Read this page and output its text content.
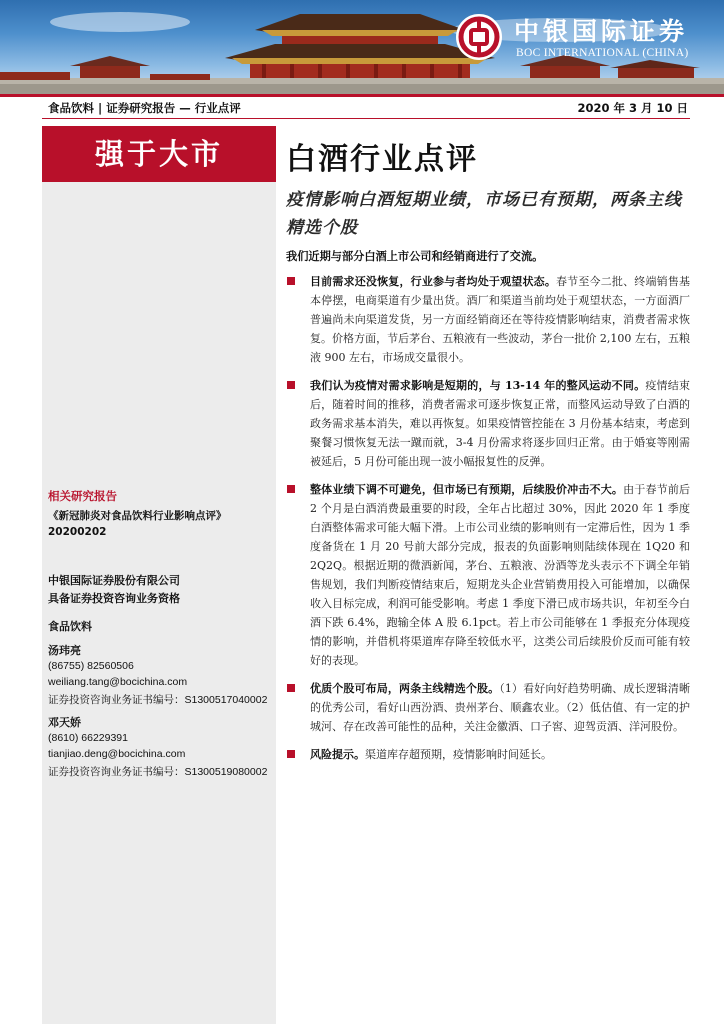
中银国际证券
BOC INTERNATIONAL (CHINA)
食品饮料 | 证券研究报告 — 行业点评	2020 年 3 月 10 日
强于大市
相关研究报告
《新冠肺炎对食品饮料行业影响点评》
20200202
中银国际证券股份有限公司
具备证券投资咨询业务资格
食品饮料
汤玮亮
(86755) 82560506
weiliang.tang@bocichina.com
证券投资咨询业务证书编号：S1300517040002
邓天娇
(8610) 66229391
tianjiao.deng@bocichina.com
证券投资咨询业务证书编号：S1300519080002
白酒行业点评
疫情影响白酒短期业绩，市场已有预期，两条主线精选个股
我们近期与部分白酒上市公司和经销商进行了交流。
目前需求还没恢复，行业参与者均处于观望状态。春节至今二批、终端销售基本停摆，电商渠道有少量出货。酒厂和渠道当前均处于观望状态，一方面酒厂普遍尚未向渠道发货，另一方面经销商还在等待疫情影响结束，消费者需求恢复。价格方面，节后茅台、五粮液有一些波动，茅台一批价 2,100 左右，五粮液 900 左右，市场成交量很小。
我们认为疫情对需求影响是短期的，与 13-14 年的整风运动不同。疫情结束后，随着时间的推移，消费者需求可逐步恢复正常，而整风运动导致了白酒的政务需求基本消失，难以再恢复。如果疫情管控能在 3 月份基本结束，考虑到聚餐习惯恢复无法一蹴而就，3-4 月份需求将逐步回归正常。由于婚宴等刚需被延后，5 月份可能出现一波小幅报复性的反弹。
整体业绩下调不可避免，但市场已有预期，后续股价冲击不大。由于春节前后 2 个月是白酒消费最重要的时段，全年占比超过 30%，因此 2020 年 1 季度白酒整体需求可能大幅下滑。上市公司业绩的影响则有一定滞后性，因为 1 季度备货在 1 月 20 号前大部分完成，报表的负面影响则陆续体现在 1Q20 和 2Q2Q。根据近期的微酒新闻，茅台、五粮液、汾酒等龙头表示不下调全年销售规划，我们判断疫情结束后，短期龙头企业营销费用投入可能增加，以确保收入目标完成，利润可能受影响。考虑 1 季度下滑已成市场共识，年初至今白酒下跌 6.4%，跑输全体 A 股 6.1pct。若上市公司能够在 1 季报充分体现疫情的影响，并借机将渠道库存降至较低水平，这类公司后续股价反而可能有较好的表现。
优质个股可布局，两条主线精选个股。（1）看好向好趋势明确、成长逻辑清晰的优秀公司，看好山西汾酒、贵州茅台、顺鑫农业。（2）低估值、有一定的护城河、存在改善可能性的品种，关注金徽酒、口子窖、迎驾贡酒、洋河股份。
风险提示。渠道库存超预期，疫情影响时间延长。
